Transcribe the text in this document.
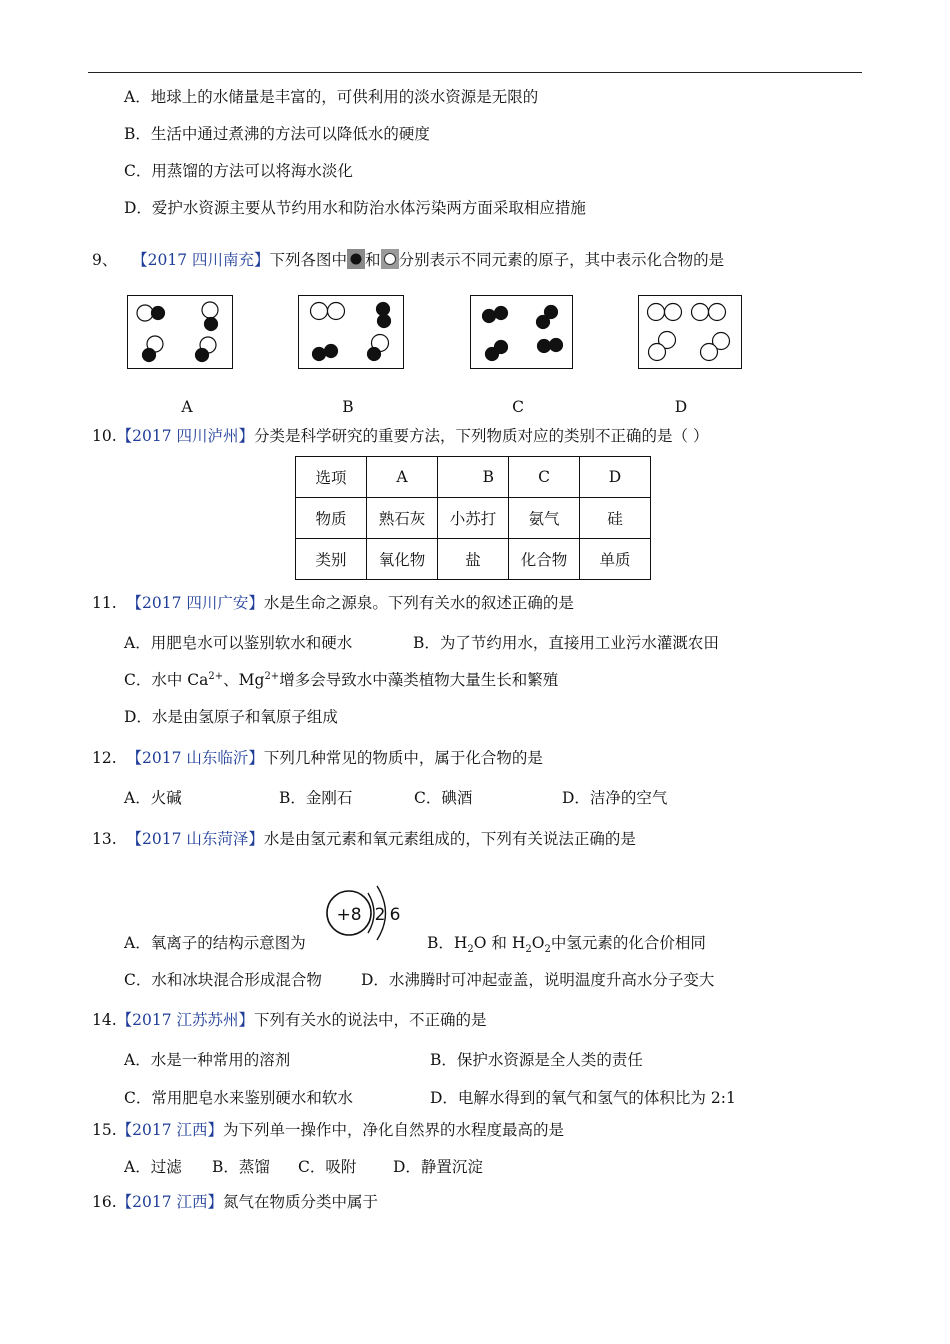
A．地球上的水储量是丰富的，可供利用的淡水资源是无限的
B．生活中通过煮沸的方法可以降低水的硬度
C．用蒸馏的方法可以将海水淡化
D．爱护水资源主要从节约用水和防治水体污染两方面采取相应措施
9、 【2017 四川南充】下列各图中 和 分别表示不同元素的原子，其中表示化合物的是
A	B	C	D
10.【2017 四川泸州】分类是科学研究的重要方法，下列物质对应的类别不正确的是（ ）
选项	A	B	C	D
物质	熟石灰	小苏打	氨气	硅
类别	氧化物	盐	化合物	单质
11. 【2017 四川广安】水是生命之源泉。下列有关水的叙述正确的是
A．用肥皂水可以鉴别软水和硬水	B．为了节约用水，直接用工业污水灌溉农田
C．水中 $Ca^{2+}$、$Mg^{2+}$增多会导致水中藻类植物大量生长和繁殖
D．水是由氢原子和氧原子组成
12. 【2017 山东临沂】下列几种常见的物质中，属于化合物的是
A．火碱	B．金刚石	C．碘酒	D．洁净的空气
13. 【2017 山东菏泽】水是由氢元素和氧元素组成的，下列有关说法正确的是
+8 2 6
A．氧离子的结构示意图为	B．$H_2O$ 和 $H_2O_2$中氢元素的化合价相同
C．水和冰块混合形成混合物	D．水沸腾时可冲起壶盖，说明温度升高水分子变大
14.【2017 江苏苏州】下列有关水的说法中，不正确的是
A．水是一种常用的溶剂	B．保护水资源是全人类的责任
C．常用肥皂水来鉴别硬水和软水	D．电解水得到的氧气和氢气的体积比为 2:1
15.【2017 江西】为下列单一操作中，净化自然界的水程度最高的是
A．过滤 B．蒸馏 C．吸附 D．静置沉淀
16.【2017 江西】氮气在物质分类中属于
